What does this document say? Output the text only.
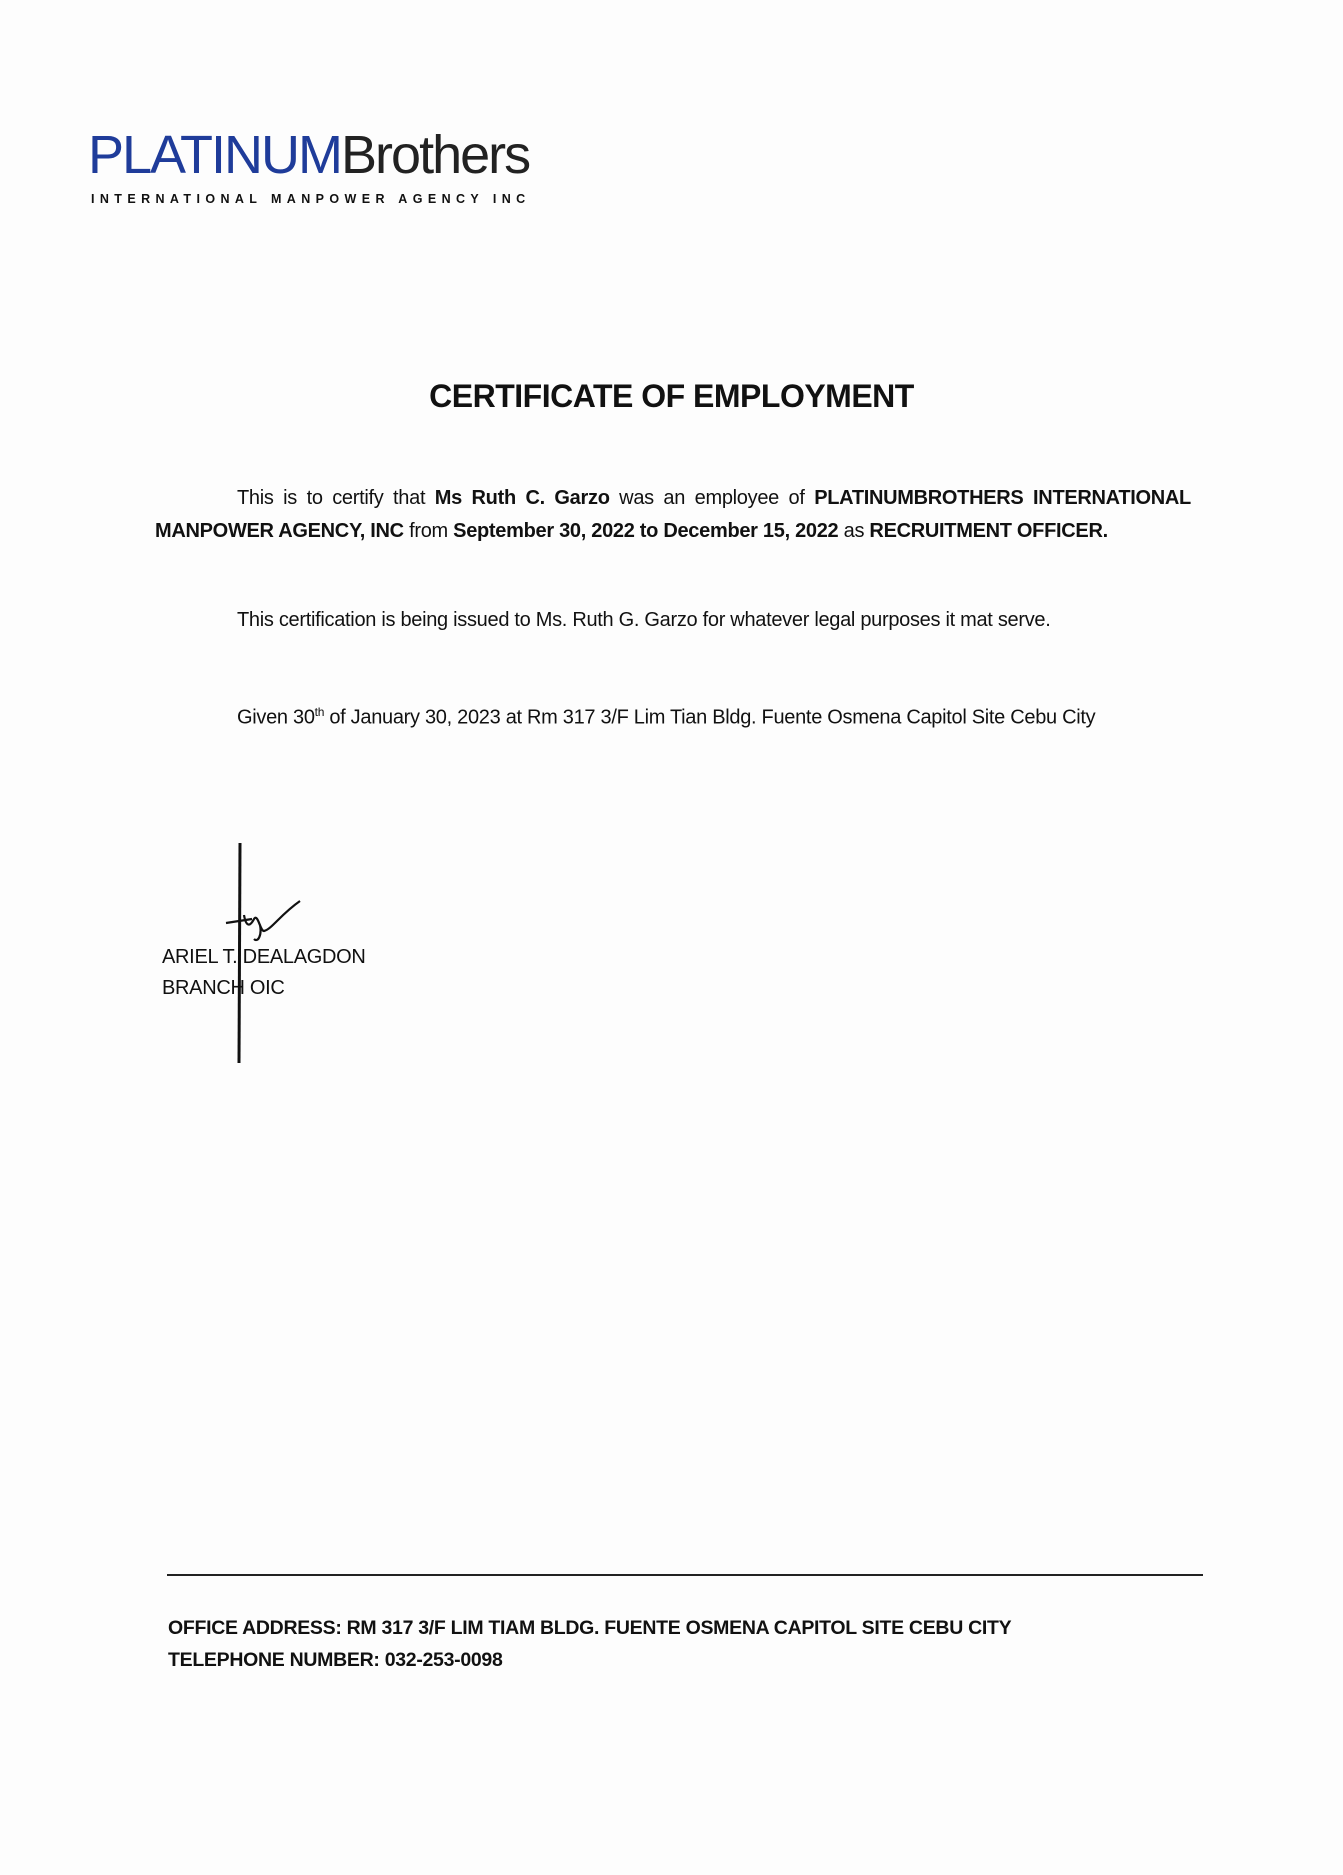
PLATINUMBrothers
INTERNATIONAL MANPOWER AGENCY INC
CERTIFICATE OF EMPLOYMENT
This is to certify that Ms Ruth C. Garzo was an employee of PLATINUMBROTHERS INTERNATIONAL MANPOWER AGENCY, INC from September 30, 2022 to December 15, 2022 as RECRUITMENT OFFICER.
This certification is being issued to Ms. Ruth G. Garzo for whatever legal purposes it mat serve.
Given 30th of January 30, 2023 at Rm 317 3/F Lim Tian Bldg. Fuente Osmena Capitol Site Cebu City
ARIEL T. DEALAGDON
BRANCH OIC
OFFICE ADDRESS: RM 317 3/F LIM TIAM BLDG. FUENTE OSMENA CAPITOL SITE CEBU CITY
TELEPHONE NUMBER: 032-253-0098
